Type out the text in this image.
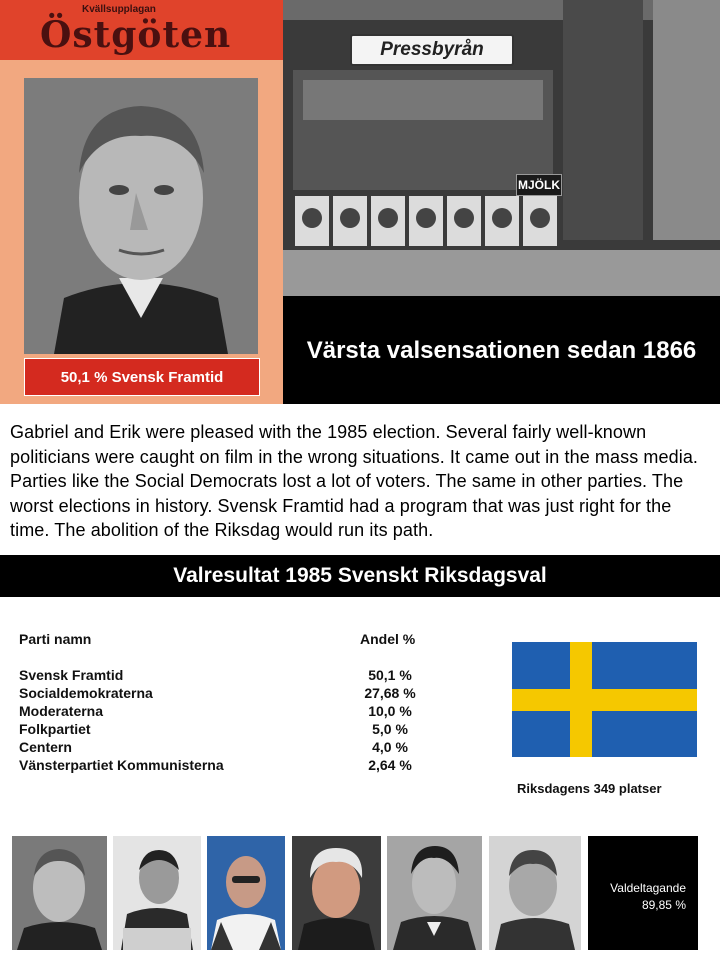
Kvällsupplagan
Östgöten
50,1 % Svensk Framtid
Pressbyrån
MJÖLK
Värsta valsensationen sedan 1866
Gabriel and Erik were pleased with the 1985 election. Several fairly well-known politicians were caught on film in the wrong situations. It came out in the mass media. Parties like the Social Democrats lost a lot of voters. The same in other parties. The worst elections in history. Svensk Framtid had a program that was just right for the time. The abolition of the Riksdag would run its path.
Valresultat 1985 Svenskt Riksdagsval
Parti namn	Andel %
Svensk Framtid	50,1 %
Socialdemokraterna	27,68 %
Moderaterna	10,0 %
Folkpartiet	5,0 %
Centern	4,0 %
Vänsterpartiet Kommunisterna	2,64 %
Riksdagens 349 platser
Valdeltagande
89,85 %
